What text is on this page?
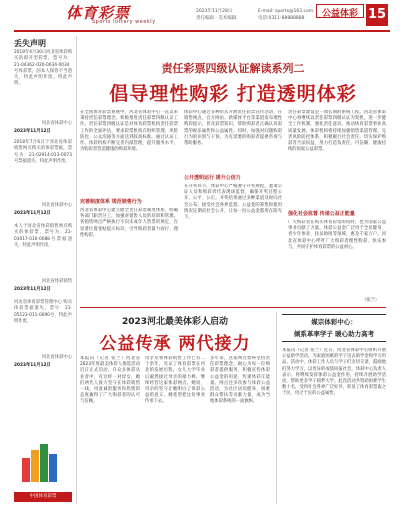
体育彩票
Sports lottery weekly
2023年11月28日
责任编辑 · 美术编辑
E-mail: sports@163.com
电话:0311-88888888	公益体彩 15
丢失声明
2019年4月30日河北省体彩购买的即开型彩票，票号为：21-04362-020-0034-0034号体彩票，因本人保管不当遗失，特此声明作废。特此声明。
河北省体彩中心
2023年11月12日
2018年7月6日于河北省体彩销售网点购买的体彩票据，票号为：21-02914-013-0073号票据遗失，特此声明作废。
河北省体彩中心
2023年11月12日
本人于河北省体彩销售网点购买的体彩票，票号为：21-03017-010-0088号票据遗失，特此声明作废。
河北省体彩销售
2023年11月12日
河北省体育彩票管理中心 购买体彩票据遗失，票号：21-05123-011-0090号，特此声明作废。
河北省体彩中心
2023年11月12日
中国体育彩票
责任彩票四级认证解读系列二
倡导理性购彩 打造透明体彩
在全国体育彩票系统中，河北省体彩中心一直以来秉持责任彩票理念，积极推进责任彩票四级认证工作。责任彩票四级认证是对体育彩票机构责任彩票工作的全面评估，要求彩票机构在组织管理、风险防控、公众沟通等方面达到较高标准。通过认证工作，体彩机构不断完善内部管理，提升服务水平，为购彩者营造健康的购彩环境。
完善制度体系 规范销售行为
河北省体彩中心建立健全责任彩票制度体系，明确各部门职责分工，加强对销售人员的培训和管理。各销售网点严格执行不向未成年人售票的规定，在显著位置张贴提示标识，引导购彩者量力而行、理性购彩。
体彩中心通过多种形式开展责任彩票宣传活动，在销售网点、官方网站、新媒体平台等渠道发布理性购彩提示，普及彩票知识，帮助购彩者正确认识彩票的娱乐属性和公益属性。同时，加强对问题购彩行为的识别与干预，为有需要的购彩者提供咨询与帮助服务。
公开透明运行 提升公信力
在开奖环节，体彩中心严格遵守开奖规程，邀请公证人员和购彩者代表现场监督，确保开奖过程公开、公平、公正。开奖结果通过多种渠道及时向社会公布，接受社会各界监督。公益金的筹集和使用情况定期向社会公开，让每一份公益金都用在阳光下。
责任彩票建设是一项长期的系统工程。河北省体彩中心将继续以责任彩票四级认证为契机，进一步健全工作机制，强化责任意识，推动体育彩票事业高质量发展。体彩机构将持续加强销售渠道管理，完善风险防控体系，积极履行社会责任，切实保护购彩者合法权益，努力打造负责任、可信赖、健康持续的国家公益彩票。
强化社会监督 传递公益正能量
广大购彩者在购买体育彩票的同时，也为国家公益事业贡献了力量。体彩公益金广泛用于全民健身、青少年体育、扶贫助困等领域，惠及千家万户。河北省体彩中心呼吁广大购彩者理性购彩、快乐参与，共同守护体育彩票的公益初心。
（张兰）
2023河北最美体彩人启动
公益传承 两代接力
本报讯（记者 张兰）河北省2023年度最美体彩人推选活动近日正式启动。在众多体彩从业者中，有这样一对母女，她们两代人接力坚守在体彩销售一线，用真诚的服务和热情的态度赢得了广大购彩者的认可与信赖。
母亲从事体彩销售工作已有二十余年，见证了体育彩票在河北的发展历程。女儿大学毕业后毅然接过母亲的接力棒，继续经营这家体彩网点。她说，母亲的坚守让她明白了体彩公益的意义，她希望把这份事业传承下去。
多年来，这家网点始终坚持责任彩票理念，耐心为每一位购彩者提供服务，积极宣传体彩公益金的用途，传递体彩正能量。网点还多次参与体彩公益活动，为社区居员健身、困难群众帮扶等贡献力量，成为当地体彩系统的一面旗帜。
媒宗体彩中心：
倾系革率学子 暖心助力高考
本报讯（记者 张兰）近日，河北省体彩中心组织开展公益助学活动，为家庭困难的学子送去助学金和学习用品。活动中，体彩工作人员与学子们亲切交谈，鼓励他们努力学习，以优异的成绩回报社会。体彩中心负责人表示，将继续发挥体彩公益金作用，持续开展助学活动，帮助更多学子圆梦大学。此次活动共资助困难学生数十名，受到社会各界广泛好评，彰显了体育彩票取之于民、用之于民的公益属性。
